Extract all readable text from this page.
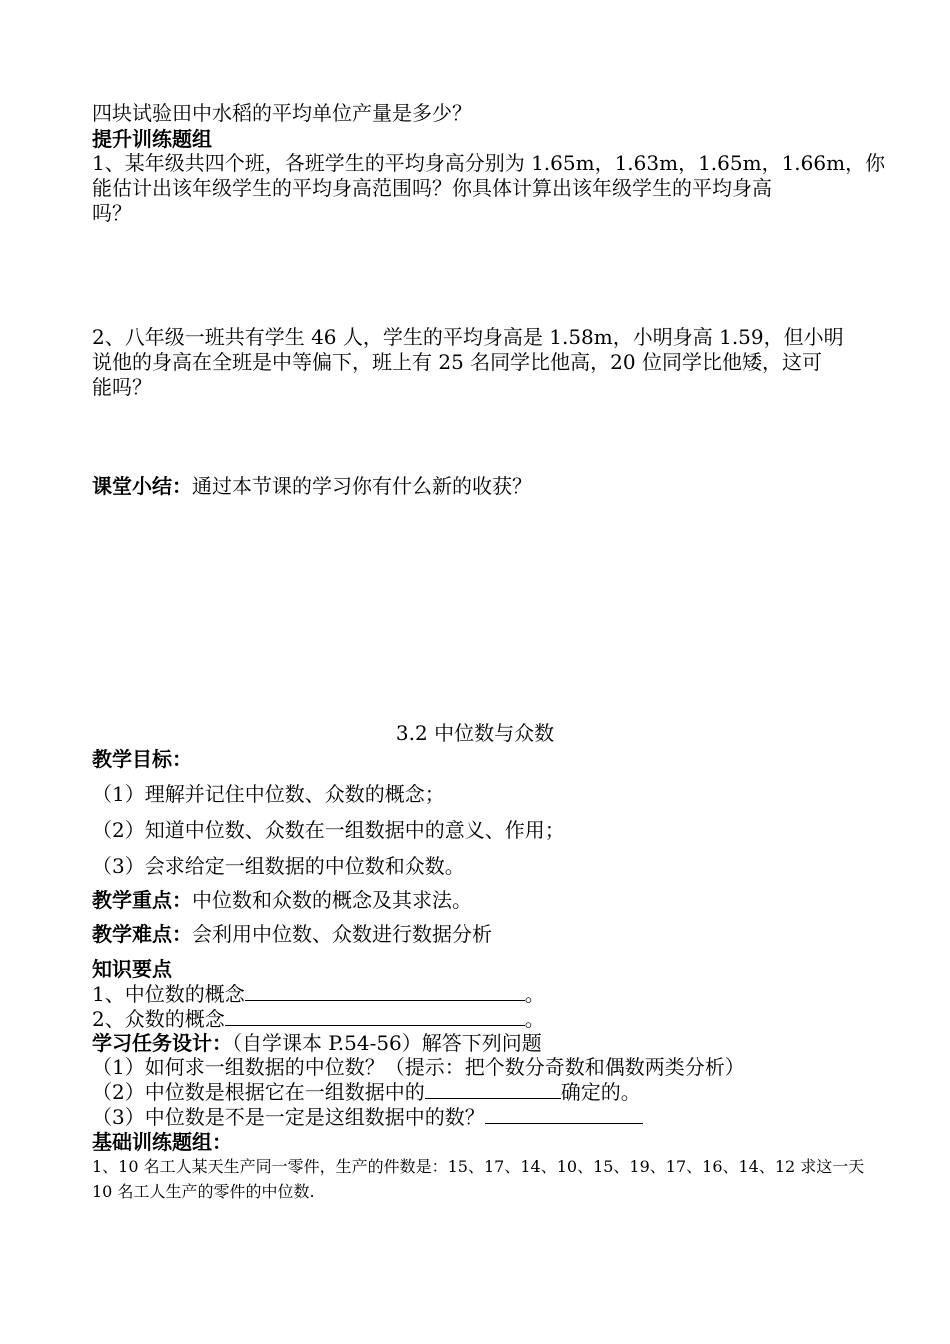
四块试验田中水稻的平均单位产量是多少？
提升训练题组
1、某年级共四个班，各班学生的平均身高分别为 1.65m，1.63m，1.65m，1.66m，你
能估计出该年级学生的平均身高范围吗？你具体计算出该年级学生的平均身高
吗？
2、八年级一班共有学生 46 人，学生的平均身高是 1.58m，小明身高 1.59，但小明
说他的身高在全班是中等偏下，班上有 25 名同学比他高，20 位同学比他矮，这可
能吗？
课堂小结：通过本节课的学习你有什么新的收获？
3.2 中位数与众数
教学目标：
（1）理解并记住中位数、众数的概念；
（2）知道中位数、众数在一组数据中的意义、作用；
（3）会求给定一组数据的中位数和众数。
教学重点：中位数和众数的概念及其求法。
教学难点：会利用中位数、众数进行数据分析
知识要点
1、中位数的概念	。
2、众数的概念	。
学习任务设计：（自学课本 P.54-56）解答下列问题
（1）如何求一组数据的中位数？（提示：把个数分奇数和偶数两类分析）
（2）中位数是根据它在一组数据中的	确定的。
（3）中位数是不是一定是这组数据中的数？
基础训练题组：
1、10 名工人某天生产同一零件，生产的件数是：15、17、14、10、15、19、17、16、14、12 求这一天
10 名工人生产的零件的中位数.
